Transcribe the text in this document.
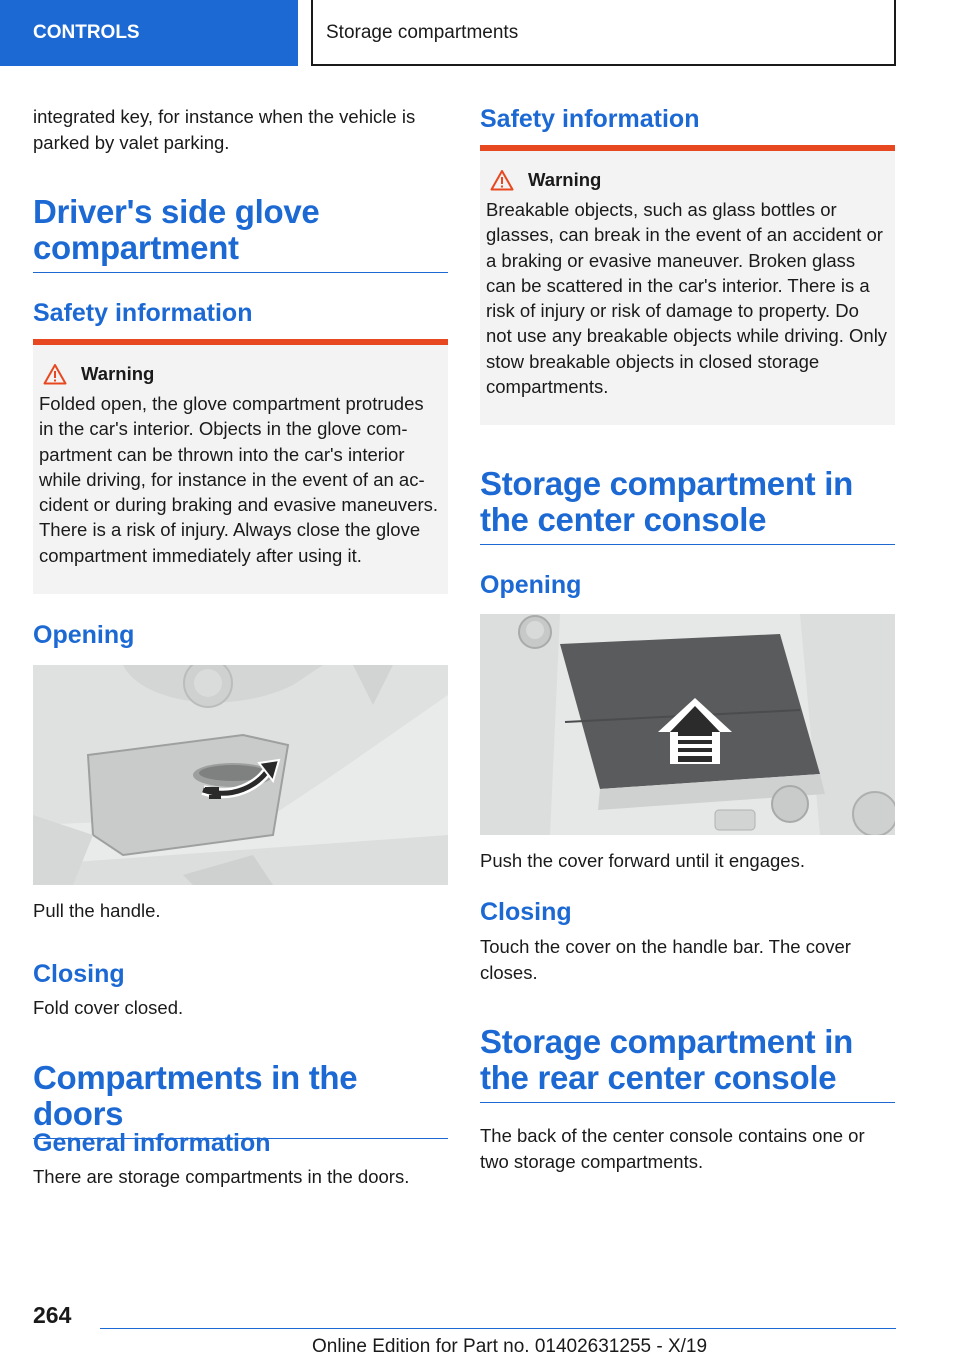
CONTROLS	Storage compartments

integrated key, for instance when the vehicle is parked by valet parking.

Driver's side glove compartment
Safety information
Warning

Folded open, the glove compartment protrudes in the car's interior. Objects in the glove compartment can be thrown into the car's interior while driving, for instance in the event of an accident or during braking and evasive maneuvers. There is a risk of injury. Always close the glove compartment immediately after using it.

Opening

Pull the handle.

Closing

Fold cover closed.

Compartments in the doors
General information

There are storage compartments in the doors.

Safety information
Warning

Breakable objects, such as glass bottles or glasses, can break in the event of an accident or a braking or evasive maneuver. Broken glass can be scattered in the car's interior. There is a risk of injury or risk of damage to property. Do not use any breakable objects while driving. Only stow breakable objects in closed storage compartments.

Storage compartment in the center console
Opening

Push the cover forward until it engages.

Closing

Touch the cover on the handle bar. The cover closes.

Storage compartment in the rear center console

The back of the center console contains one or two storage compartments.

264
Online Edition for Part no. 01402631255 - X/19
